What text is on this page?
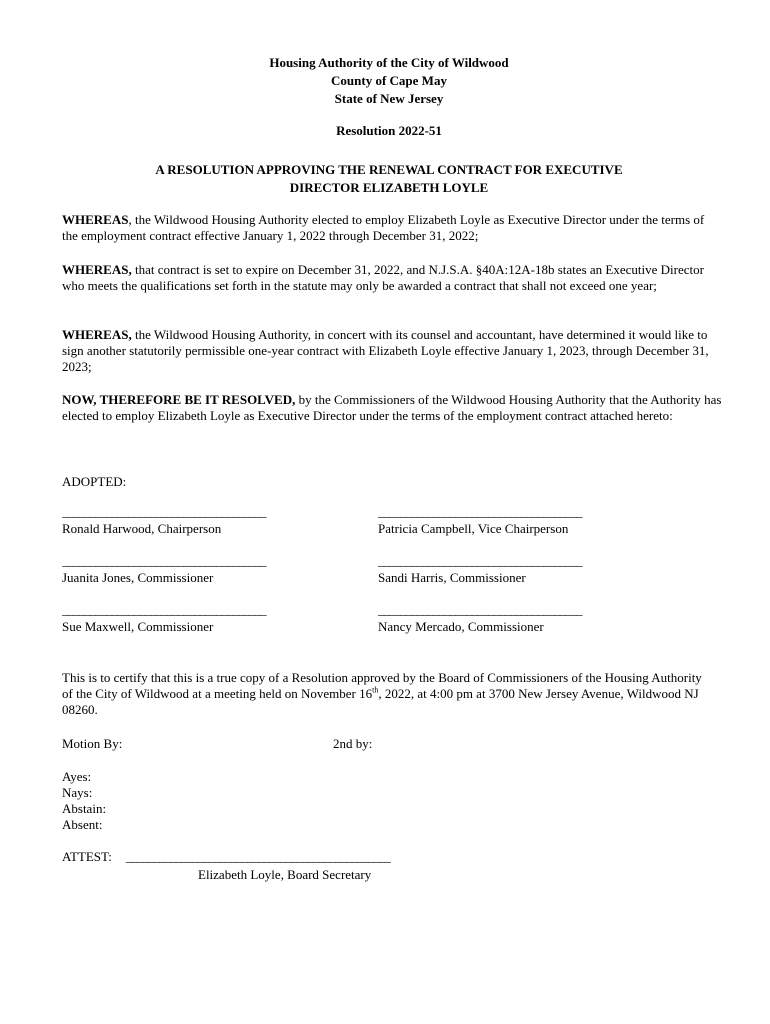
Housing Authority of the City of Wildwood
County of Cape May
State of New Jersey
Resolution 2022-51
A RESOLUTION APPROVING THE RENEWAL CONTRACT FOR EXECUTIVE
DIRECTOR ELIZABETH LOYLE
WHEREAS, the Wildwood Housing Authority elected to employ Elizabeth Loyle as Executive Director under the terms of the employment contract effective January 1, 2022 through December 31, 2022;
WHEREAS, that contract is set to expire on December 31, 2022, and N.J.S.A. §40A:12A-18b states an Executive Director who meets the qualifications set forth in the statute may only be awarded a contract that shall not exceed one year;
WHEREAS, the Wildwood Housing Authority, in concert with its counsel and accountant, have determined it would like to sign another statutorily permissible one-year contract with Elizabeth Loyle effective January 1, 2023, through December 31, 2023;
NOW, THEREFORE BE IT RESOLVED, by the Commissioners of the Wildwood Housing Authority that the Authority has elected to employ Elizabeth Loyle as Executive Director under the terms of the employment contract attached hereto:
ADOPTED:
_____________________________________
Ronald Harwood, Chairperson
_____________________________________
Patricia Campbell, Vice Chairperson
_____________________________________
Juanita Jones, Commissioner
_____________________________________
Sandi Harris, Commissioner
_____________________________________
Sue Maxwell, Commissioner
_____________________________________
Nancy Mercado, Commissioner
This is to certify that this is a true copy of a Resolution approved by the Board of Commissioners of the Housing Authority of the City of Wildwood at a meeting held on November 16th, 2022, at 4:00 pm at 3700 New Jersey Avenue, Wildwood NJ 08260.
Motion By:	2nd by:
Ayes:
Nays:
Abstain:
Absent:
ATTEST: ________________________________________________
Elizabeth Loyle, Board Secretary
